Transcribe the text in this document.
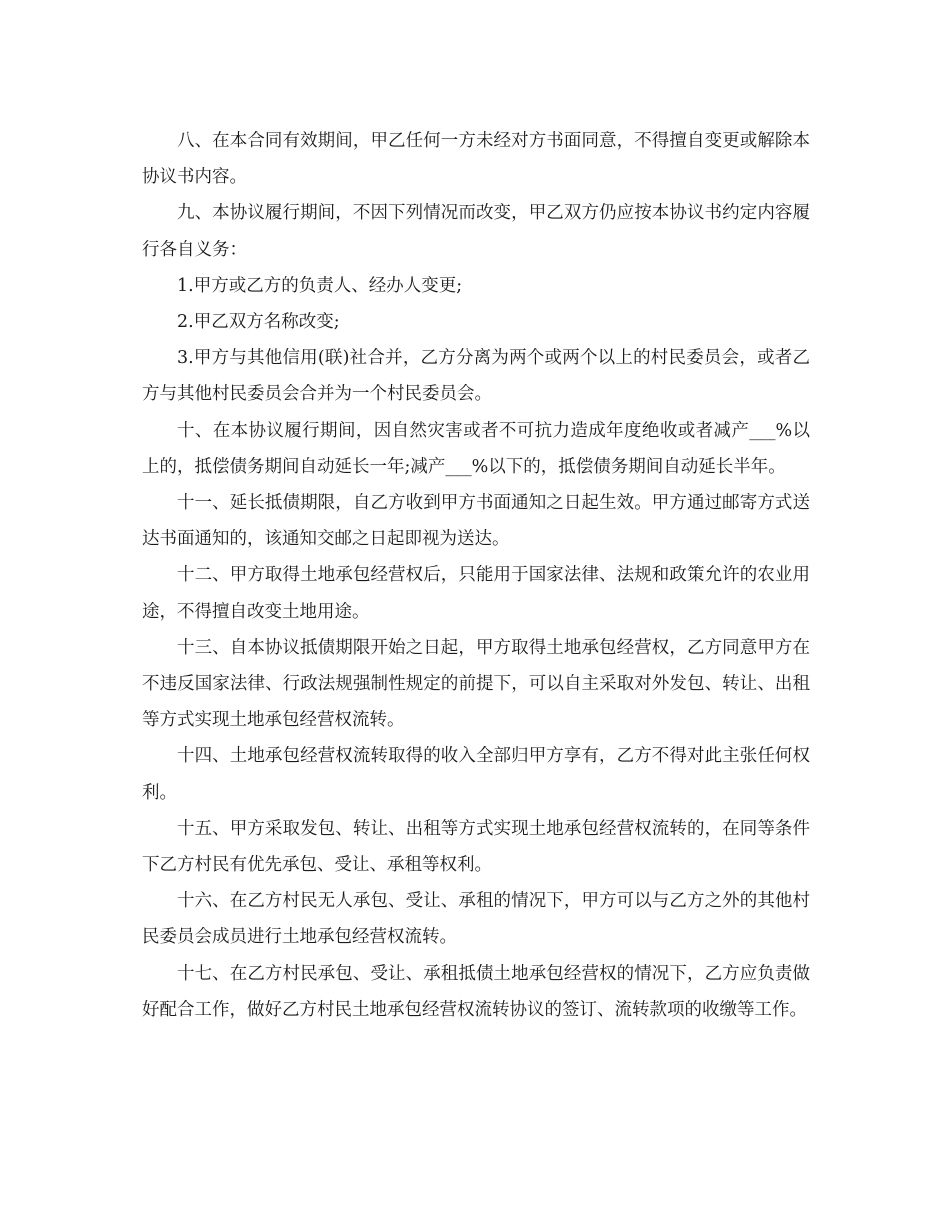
八、在本合同有效期间，甲乙任何一方未经对方书面同意，不得擅自变更或解除本协议书内容。

九、本协议履行期间，不因下列情况而改变，甲乙双方仍应按本协议书约定内容履行各自义务：

1.甲方或乙方的负责人、经办人变更;

2.甲乙双方名称改变;

3.甲方与其他信用(联)社合并，乙方分离为两个或两个以上的村民委员会，或者乙方与其他村民委员会合并为一个村民委员会。

十、在本协议履行期间，因自然灾害或者不可抗力造成年度绝收或者减产___%以上的，抵偿债务期间自动延长一年;减产___%以下的，抵偿债务期间自动延长半年。

十一、延长抵债期限，自乙方收到甲方书面通知之日起生效。甲方通过邮寄方式送达书面通知的，该通知交邮之日起即视为送达。

十二、甲方取得土地承包经营权后，只能用于国家法律、法规和政策允许的农业用途，不得擅自改变土地用途。

十三、自本协议抵债期限开始之日起，甲方取得土地承包经营权，乙方同意甲方在不违反国家法律、行政法规强制性规定的前提下，可以自主采取对外发包、转让、出租等方式实现土地承包经营权流转。

十四、土地承包经营权流转取得的收入全部归甲方享有，乙方不得对此主张任何权利。

十五、甲方采取发包、转让、出租等方式实现土地承包经营权流转的，在同等条件下乙方村民有优先承包、受让、承租等权利。

十六、在乙方村民无人承包、受让、承租的情况下，甲方可以与乙方之外的其他村民委员会成员进行土地承包经营权流转。

十七、在乙方村民承包、受让、承租抵债土地承包经营权的情况下，乙方应负责做好配合工作，做好乙方村民土地承包经营权流转协议的签订、流转款项的收缴等工作。
